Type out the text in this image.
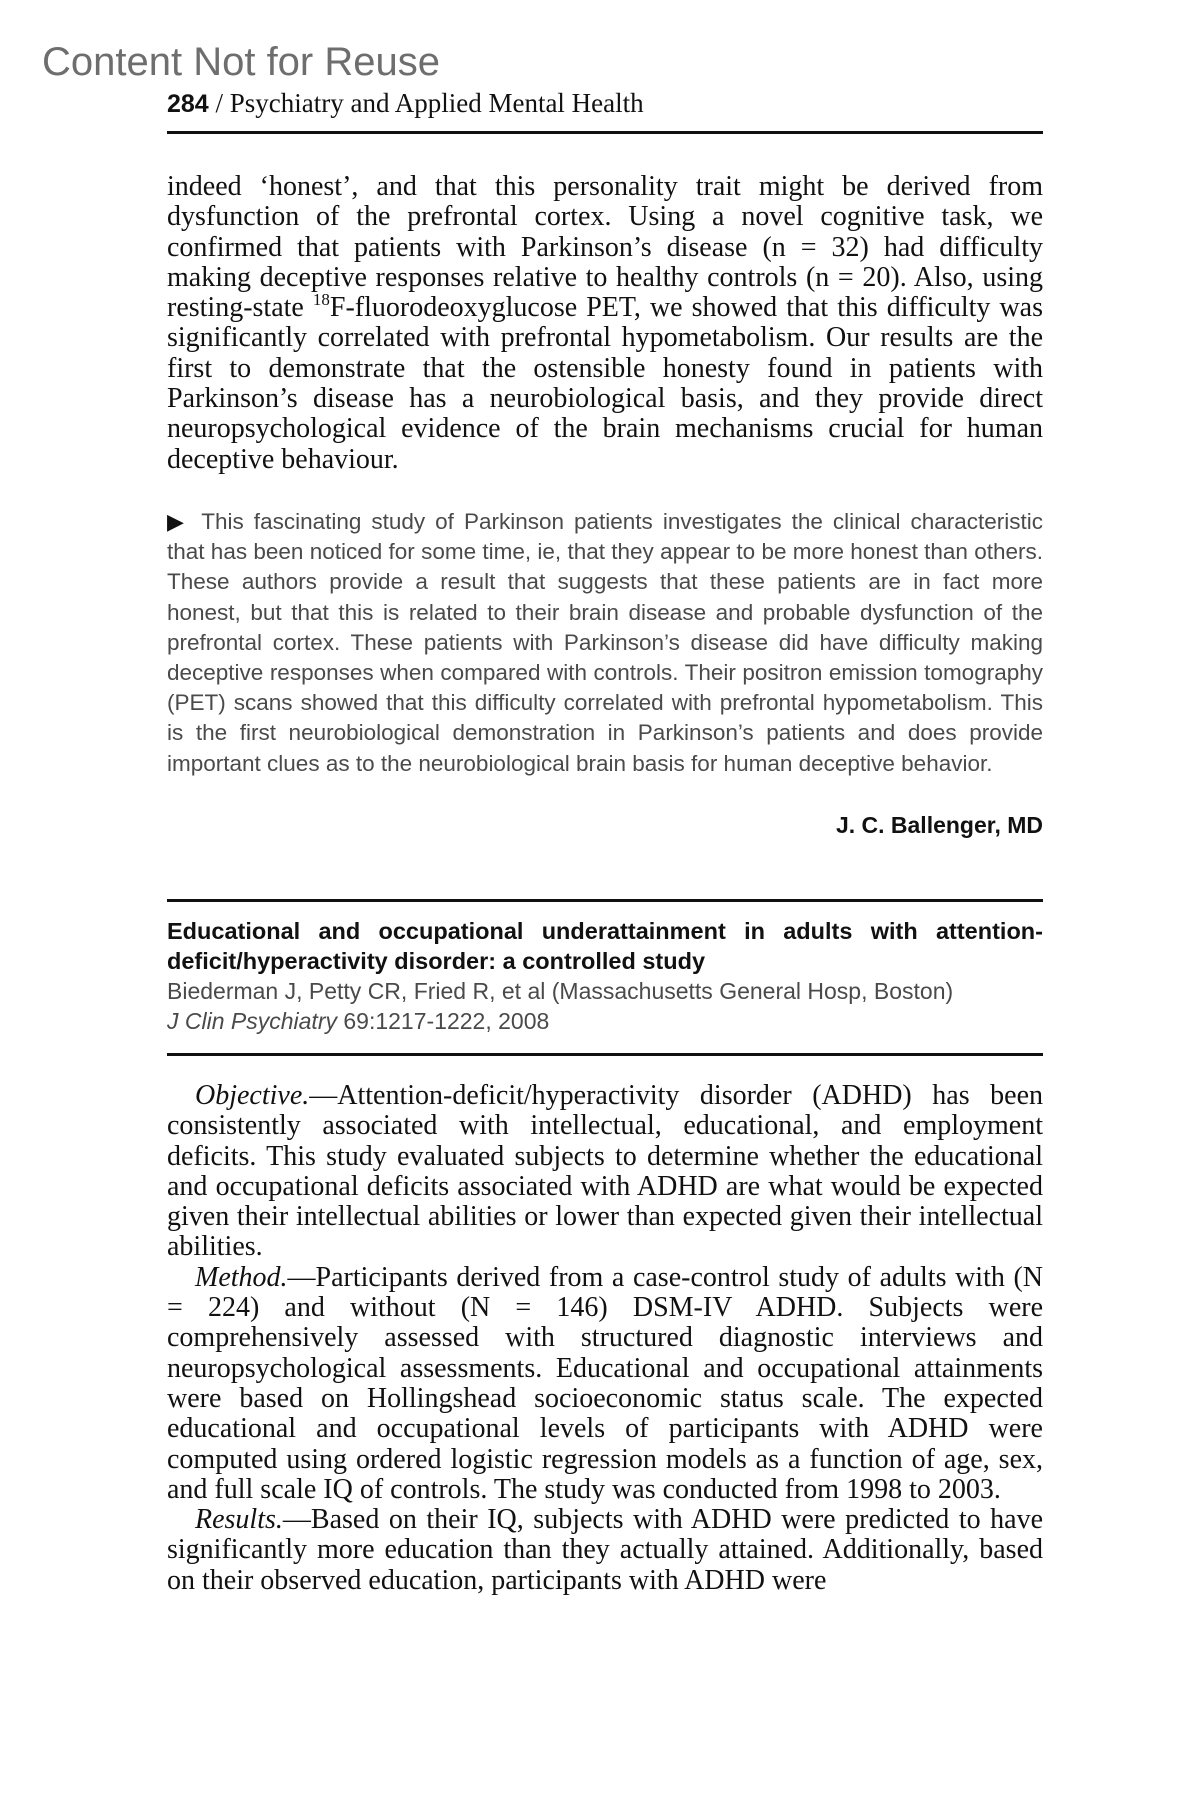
Content Not for Reuse
284 / Psychiatry and Applied Mental Health
indeed ‘honest’, and that this personality trait might be derived from dysfunction of the prefrontal cortex. Using a novel cognitive task, we confirmed that patients with Parkinson’s disease (n = 32) had difficulty making deceptive responses relative to healthy controls (n = 20). Also, using resting-state $^{18}$F-fluorodeoxyglucose PET, we showed that this difficulty was significantly correlated with prefrontal hypometabolism. Our results are the first to demonstrate that the ostensible honesty found in patients with Parkinson’s disease has a neurobiological basis, and they provide direct neuropsychological evidence of the brain mechanisms crucial for human deceptive behaviour.
▶ This fascinating study of Parkinson patients investigates the clinical characteristic that has been noticed for some time, ie, that they appear to be more honest than others. These authors provide a result that suggests that these patients are in fact more honest, but that this is related to their brain disease and probable dysfunction of the prefrontal cortex. These patients with Parkinson’s disease did have difficulty making deceptive responses when compared with controls. Their positron emission tomography (PET) scans showed that this difficulty correlated with prefrontal hypometabolism. This is the first neurobiological demonstration in Parkinson’s patients and does provide important clues as to the neurobiological brain basis for human deceptive behavior.
J. C. Ballenger, MD
Educational and occupational underattainment in adults with attention-deficit/hyperactivity disorder: a controlled study
Biederman J, Petty CR, Fried R, et al (Massachusetts General Hosp, Boston)
J Clin Psychiatry 69:1217-1222, 2008

Objective.—Attention-deficit/hyperactivity disorder (ADHD) has been consistently associated with intellectual, educational, and employment deficits. This study evaluated subjects to determine whether the educational and occupational deficits associated with ADHD are what would be expected given their intellectual abilities or lower than expected given their intellectual abilities.

Method.—Participants derived from a case-control study of adults with (N = 224) and without (N = 146) DSM-IV ADHD. Subjects were comprehensively assessed with structured diagnostic interviews and neuropsychological assessments. Educational and occupational attainments were based on Hollingshead socioeconomic status scale. The expected educational and occupational levels of participants with ADHD were computed using ordered logistic regression models as a function of age, sex, and full scale IQ of controls. The study was conducted from 1998 to 2003.

Results.—Based on their IQ, subjects with ADHD were predicted to have significantly more education than they actually attained. Additionally, based on their observed education, participants with ADHD were
